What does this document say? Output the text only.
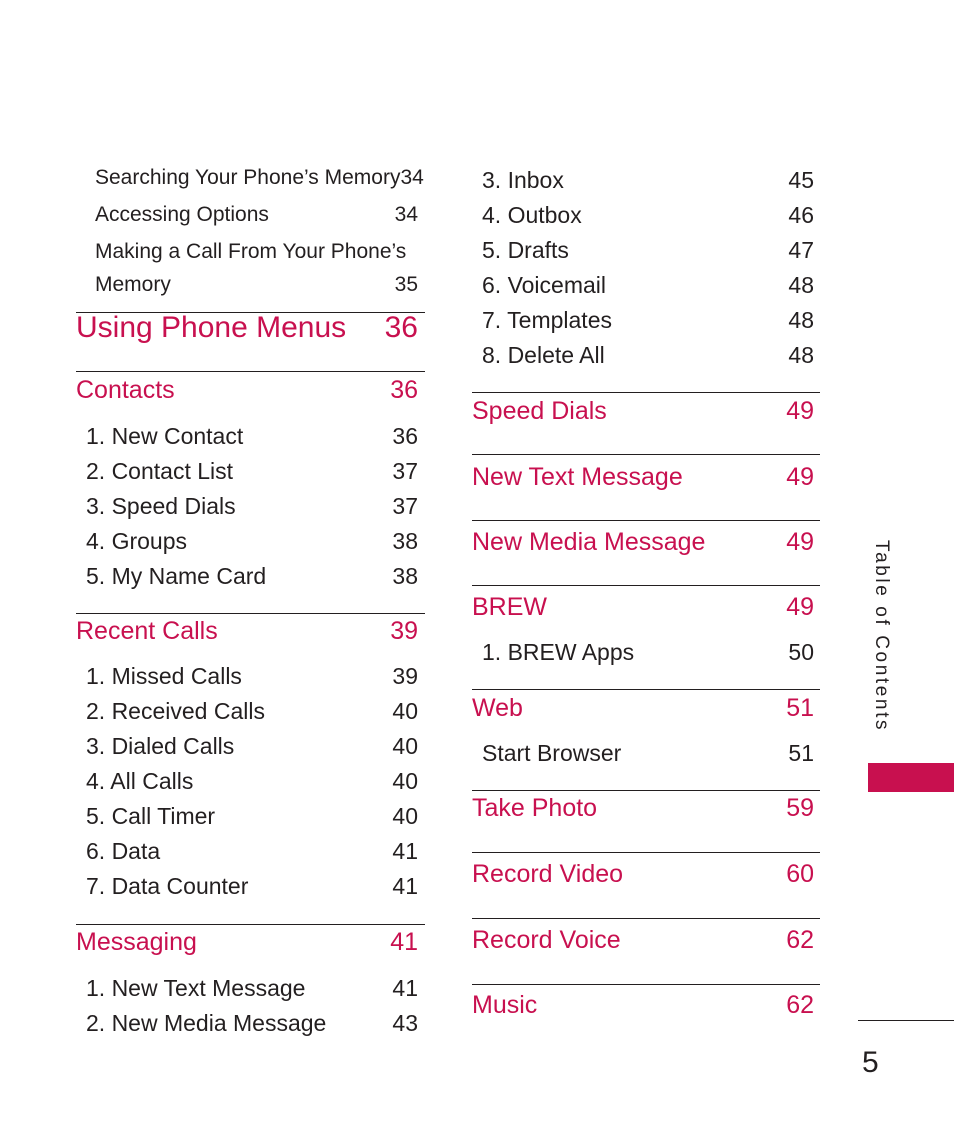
Searching Your Phone’s Memory 34
Accessing Options	34
Making a Call From Your Phone’s
Memory	35
Using Phone Menus 36
Contacts	36
1. New Contact	36
2. Contact List	37
3. Speed Dials	37
4. Groups	38
5. My Name Card	38
Recent Calls	39
1. Missed Calls	39
2. Received Calls	40
3. Dialed Calls	40
4. All Calls	40
5. Call Timer	40
6. Data	41
7. Data Counter	41
Messaging	41
1. New Text Message	41
2. New Media Message	43
3. Inbox	45
4. Outbox	46
5. Drafts	47
6. Voicemail	48
7. Templates	48
8. Delete All	48
Speed Dials	49
New Text Message	49
New Media Message	49
BREW	49
1. BREW Apps	50
Web	51
Start Browser	51
Take Photo	59
Record Video	60
Record Voice	62
Music	62
Table of Contents
5
